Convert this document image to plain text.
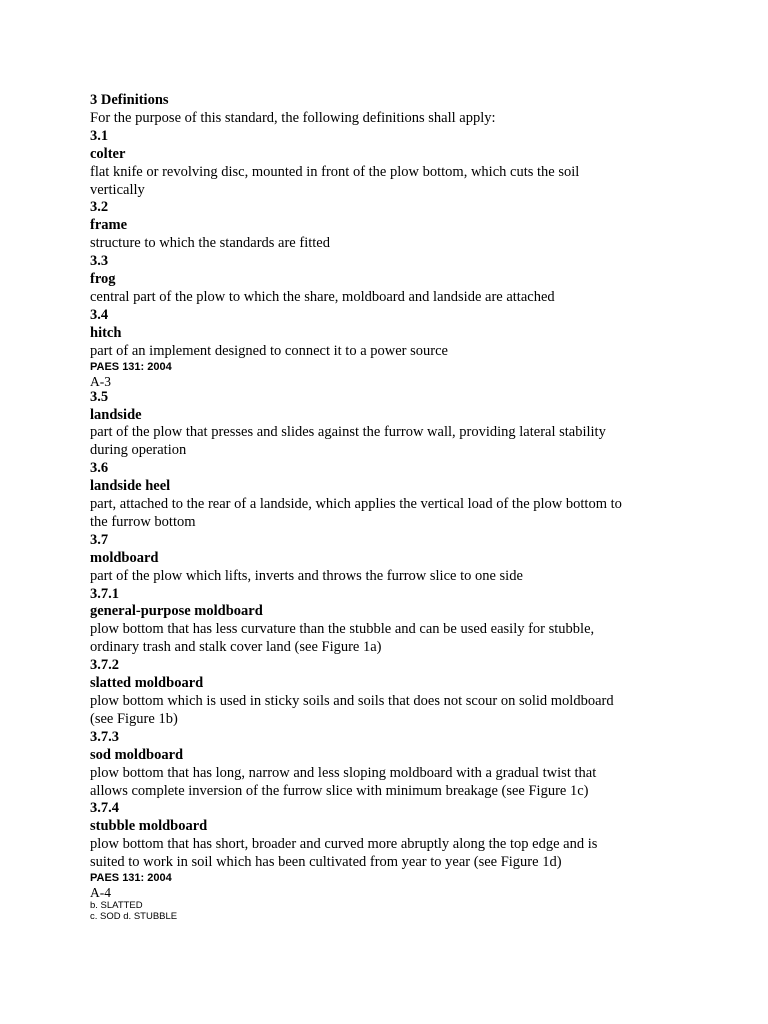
3 Definitions
For the purpose of this standard, the following definitions shall apply:
3.1
colter
flat knife or revolving disc, mounted in front of the plow bottom, which cuts the soil
vertically
3.2
frame
structure to which the standards are fitted
3.3
frog
central part of the plow to which the share, moldboard and landside are attached
3.4
hitch
part of an implement designed to connect it to a power source
PAES 131: 2004
A-3
3.5
landside
part of the plow that presses and slides against the furrow wall, providing lateral stability
during operation
3.6
landside heel
part, attached to the rear of a landside, which applies the vertical load of the plow bottom to
the furrow bottom
3.7
moldboard
part of the plow which lifts, inverts and throws the furrow slice to one side
3.7.1
general-purpose moldboard
plow bottom that has less curvature than the stubble and can be used easily for stubble,
ordinary trash and stalk cover land (see Figure 1a)
3.7.2
slatted moldboard
plow bottom which is used in sticky soils and soils that does not scour on solid moldboard
(see Figure 1b)
3.7.3
sod moldboard
plow bottom that has long, narrow and less sloping moldboard with a gradual twist that
allows complete inversion of the furrow slice with minimum breakage (see Figure 1c)
3.7.4
stubble moldboard
plow bottom that has short, broader and curved more abruptly along the top edge and is
suited to work in soil which has been cultivated from year to year (see Figure 1d)
PAES 131: 2004
A-4
b. SLATTED
c. SOD d. STUBBLE
